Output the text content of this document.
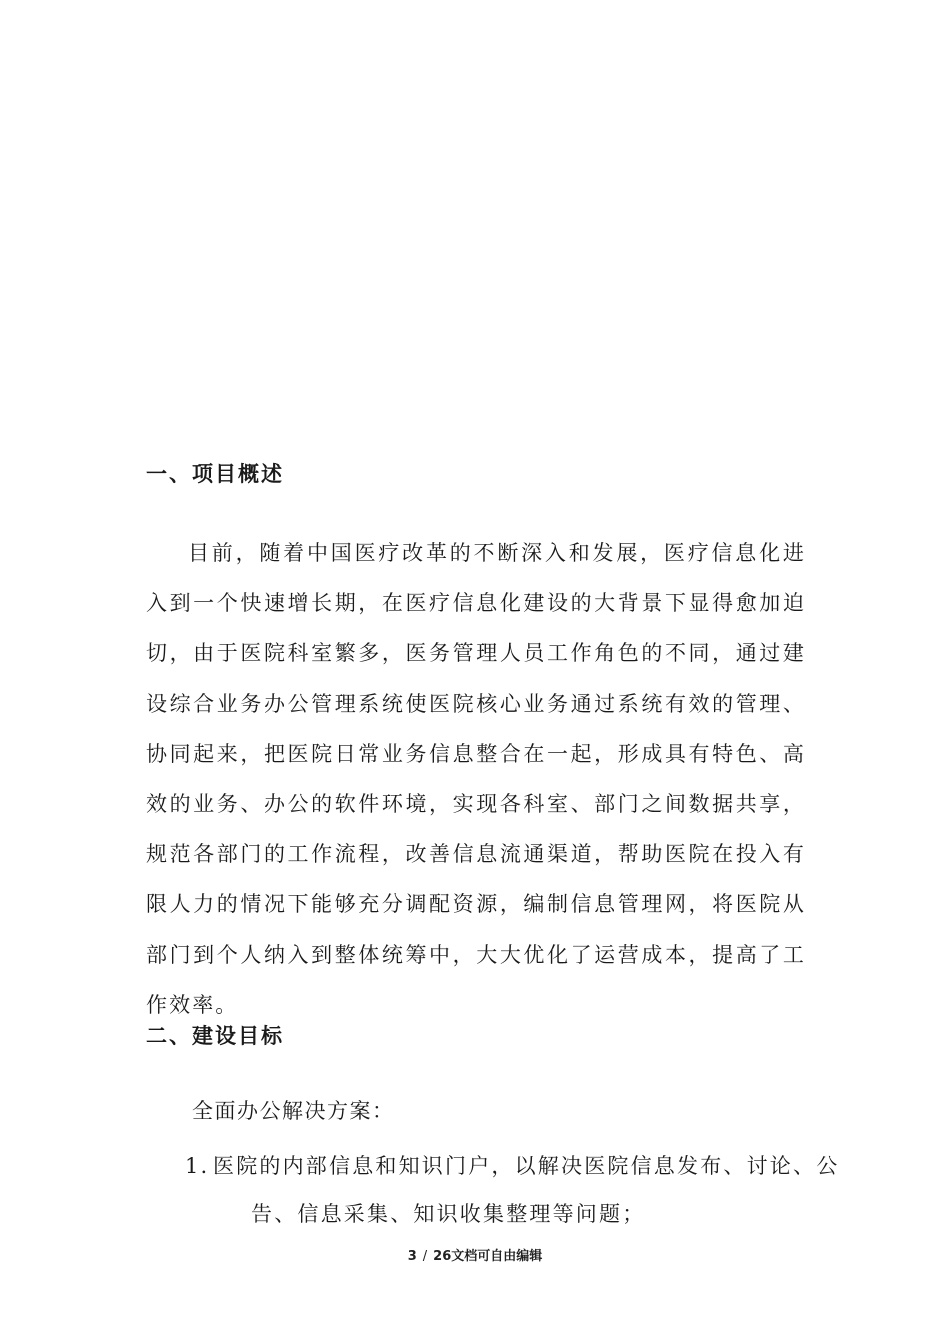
一、项目概述

目前，随着中国医疗改革的不断深入和发展，医疗信息化进入到一个快速增长期，在医疗信息化建设的大背景下显得愈加迫切，由于医院科室繁多，医务管理人员工作角色的不同，通过建设综合业务办公管理系统使医院核心业务通过系统有效的管理、协同起来，把医院日常业务信息整合在一起，形成具有特色、高效的业务、办公的软件环境，实现各科室、部门之间数据共享，规范各部门的工作流程，改善信息流通渠道，帮助医院在投入有限人力的情况下能够充分调配资源，编制信息管理网，将医院从部门到个人纳入到整体统筹中，大大优化了运营成本，提高了工作效率。

二、建设目标
全面办公解决方案：
1. 医院的内部信息和知识门户，以解决医院信息发布、讨论、公
告、信息采集、知识收集整理等问题；
3 / 26文档可自由编辑
